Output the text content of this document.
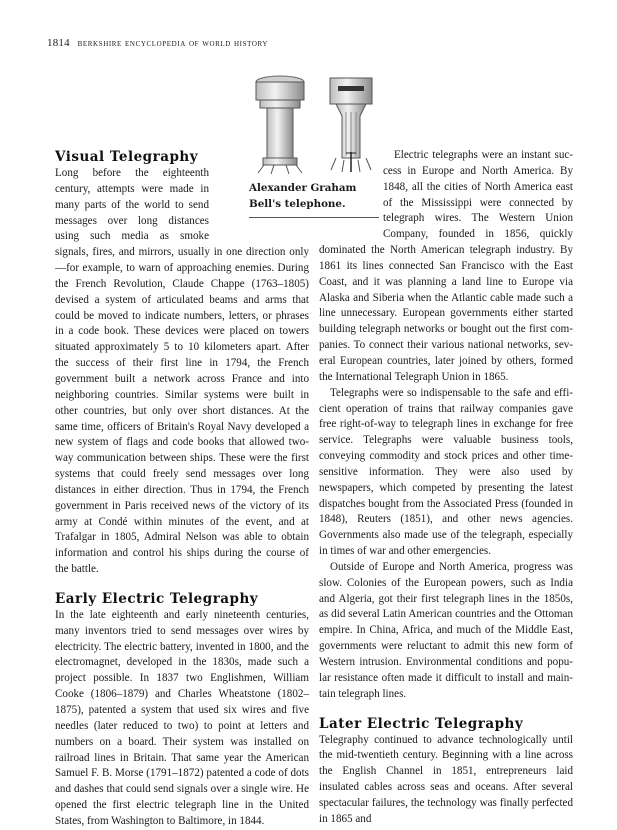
1814 berkshire encyclopedia of world history
Alexander Graham
Bell's telephone.
Visual Telegraphy

Long before the eighteenth century, attempts were made in many parts of the world to send messages over long distances using such media as smoke signals, fires, and mirrors, usually in one direction only—for example, to warn of approaching enemies. During the French Revolution, Claude Chappe (1763–1805) devised a system of articulated beams and arms that could be moved to indicate numbers, letters, or phrases in a code book. These devices were placed on towers situated approximately 5 to 10 kilometers apart. After the success of their first line in 1794, the French government built a network across France and into neighboring countries. Similar systems were built in other countries, but only over short distances. At the same time, officers of Britain's Royal Navy developed a new system of flags and code books that allowed two-way communication between ships. These were the first systems that could freely send messages over long distances in either direction. Thus in 1794, the French government in Paris received news of the victory of its army at Condé within minutes of the event, and at Trafalgar in 1805, Admiral Nelson was able to obtain information and control his ships during the course of the battle.

Early Electric Telegraphy

In the late eighteenth and early nineteenth centuries, many inventors tried to send messages over wires by electricity. The electric battery, invented in 1800, and the electromagnet, developed in the 1830s, made such a project possible. In 1837 two Englishmen, William Cooke (1806–1879) and Charles Wheatstone (1802–1875), patented a system that used six wires and five needles (later reduced to two) to point at letters and numbers on a board. Their system was installed on railroad lines in Britain. That same year the American Samuel F. B. Morse (1791–1872) patented a code of dots and dashes that could send signals over a single wire. He opened the first electric telegraph line in the United States, from Washington to Baltimore, in 1844.

Electric telegraphs were an instant success in Europe and North America. By 1848, all the cities of North America east of the Mississippi were connected by telegraph wires. The Western Union Company, founded in 1856, quickly dominated the North American telegraph industry. By 1861 its lines connected San Francisco with the East Coast, and it was planning a land line to Europe via Alaska and Siberia when the Atlantic cable made such a line unnecessary. European governments either started building telegraph networks or bought out the first companies. To connect their various national networks, several European countries, later joined by others, formed the International Telegraph Union in 1865.

Telegraphs were so indispensable to the safe and efficient operation of trains that railway companies gave free right-of-way to telegraph lines in exchange for free service. Telegraphs were valuable business tools, conveying commodity and stock prices and other time-sensitive information. They were also used by newspapers, which competed by presenting the latest dispatches bought from the Associated Press (founded in 1848), Reuters (1851), and other news agencies. Governments also made use of the telegraph, especially in times of war and other emergencies.

Outside of Europe and North America, progress was slow. Colonies of the European powers, such as India and Algeria, got their first telegraph lines in the 1850s, as did several Latin American countries and the Ottoman empire. In China, Africa, and much of the Middle East, governments were reluctant to admit this new form of Western intrusion. Environmental conditions and popular resistance often made it difficult to install and maintain telegraph lines.

Later Electric Telegraphy

Telegraphy continued to advance technologically until the mid-twentieth century. Beginning with a line across the English Channel in 1851, entrepreneurs laid insulated cables across seas and oceans. After several spectacular failures, the technology was finally perfected in 1865 and
